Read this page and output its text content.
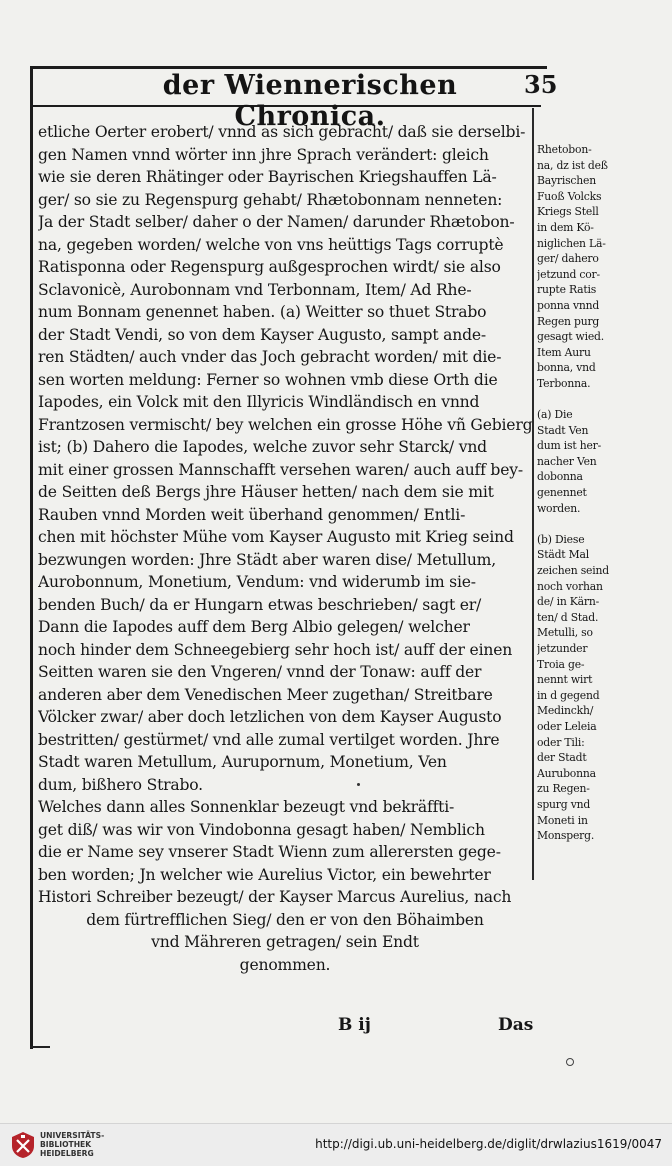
der Wiennerischen Chronica.
35
etliche Oerter erobert/ vnnd as sich gebracht/ daß sie derselbi-
gen Namen vnnd wörter inn jhre Sprach verändert: gleich
wie sie deren Rhätinger oder Bayrischen Kriegshauffen Lä-
ger/ so sie zu Regenspurg gehabt/ Rhætobonnam nenneten:
Ja der Stadt selber/ daher o der Namen/ darunder Rhætobon-
na, gegeben worden/ welche von vns heüttigs Tags corruptè
Ratisponna oder Regenspurg außgesprochen wirdt/ sie also
Sclavonicè, Aurobonnam vnd Terbonnam, Item/ Ad Rhe-
num Bonnam genennet haben. (a) Weitter so thuet Strabo
der Stadt Vendi, so von dem Kayser Augusto, sampt ande-
ren Städten/ auch vnder das Joch gebracht worden/ mit die-
sen worten meldung: Ferner so wohnen vmb diese Orth die
Iapodes, ein Volck mit den Illyricis Windländisch en vnnd
Frantzosen vermischt/ bey welchen ein grosse Höhe vñ Gebierg
ist; (b) Dahero die Iapodes, welche zuvor sehr Starck/ vnd
mit einer grossen Mannschafft versehen waren/ auch auff bey-
de Seitten deß Bergs jhre Häuser hetten/ nach dem sie mit
Rauben vnnd Morden weit überhand genommen/ Entli-
chen mit höchster Mühe vom Kayser Augusto mit Krieg seind
bezwungen worden: Jhre Städt aber waren dise/ Metullum,
Aurobonnum, Monetium, Vendum: vnd widerumb im sie-
benden Buch/ da er Hungarn etwas beschrieben/ sagt er/
Dann die Iapodes auff dem Berg Albio gelegen/ welcher
noch hinder dem Schneegebierg sehr hoch ist/ auff der einen
Seitten waren sie den Vngeren/ vnnd der Tonaw: auff der
anderen aber dem Venedischen Meer zugethan/ Streitbare
Völcker zwar/ aber doch letzlichen von dem Kayser Augusto
bestritten/ gestürmet/ vnd alle zumal vertilget worden. Jhre
Stadt waren Metullum, Aurupornum, Monetium, Ven
dum, bißhero Strabo.
Welches dann alles Sonnenklar bezeugt vnd bekräffti-
get diß/ was wir von Vindobonna gesagt haben/ Nemblich
die er Name sey vnserer Stadt Wienn zum allerersten gege-
ben worden; Jn welcher wie Aurelius Victor, ein bewehrter
Histori Schreiber bezeugt/ der Kayser Marcus Aurelius, nach
dem fürtrefflichen Sieg/ den er von den Böhaimben
vnd Mähreren getragen/ sein Endt
genommen.
Rhetobon-
na, dz ist deß
Bayrischen
Fuoß Volcks
Kriegs Stell
in dem Kö-
niglichen Lä-
ger/ dahero
jetzund cor-
rupte Ratis
ponna vnnd
Regen purg
gesagt wied.
Item Auru
bonna, vnd
Terbonna.
(a) Die
Stadt Ven
dum ist her-
nacher Ven
dobonna
genennet
worden.
(b) Diese
Städt Mal
zeichen seind
noch vorhan
de/ in Kärn-
ten/ d Stad.
Metulli, so
jetzunder
Troia ge-
nennt wirt
in d gegend
Medinckh/
oder Leleia
oder Tili:
der Stadt
Aurubonna
zu Regen-
spurg vnd
Moneti in
Monsperg.
B ij	Das
UNIVERSITÄTS-
BIBLIOTHEK
HEIDELBERG
http://digi.ub.uni-heidelberg.de/diglit/drwlazius1619/0047
